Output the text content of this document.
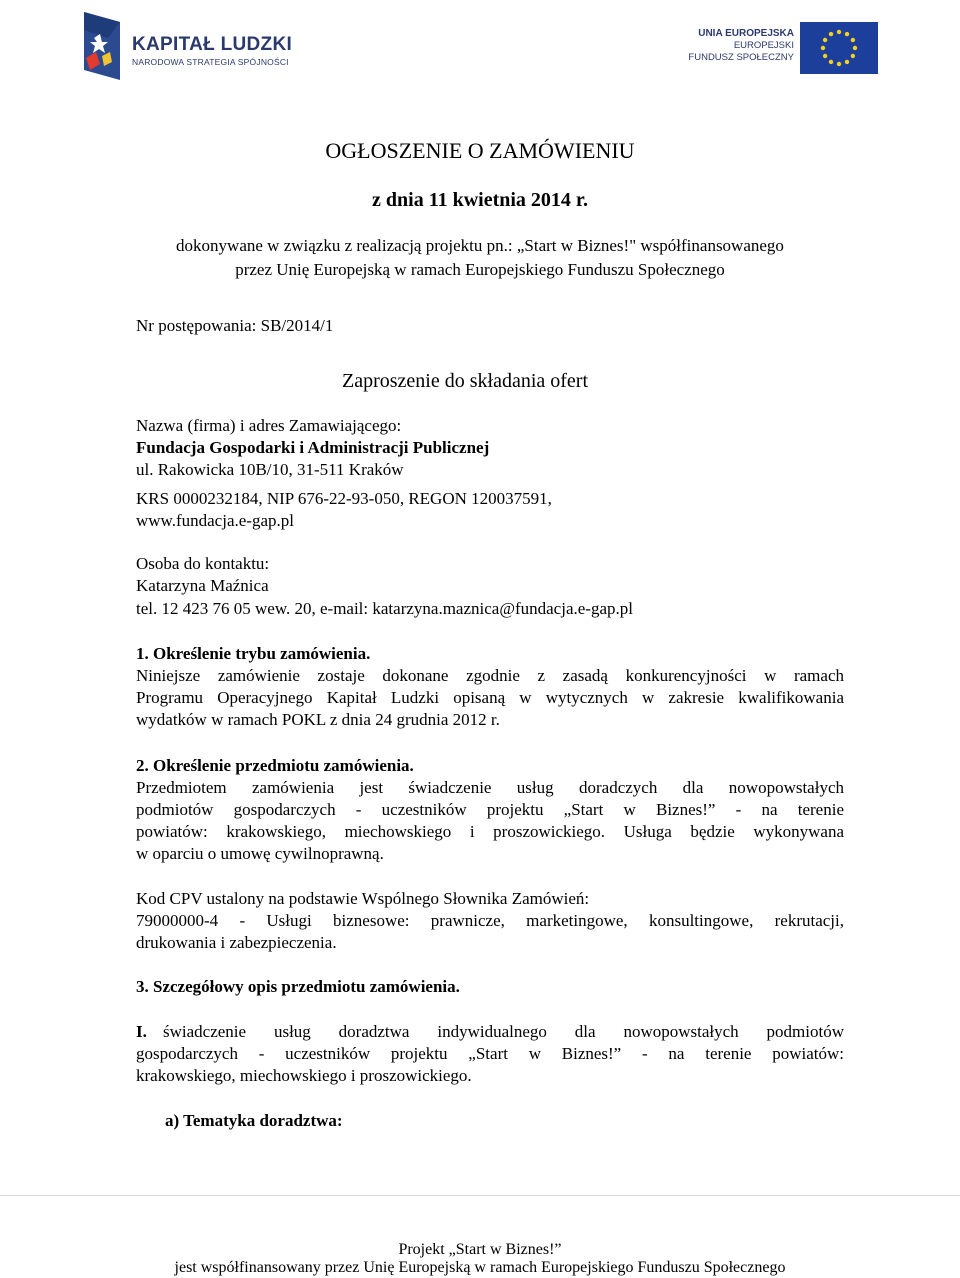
KAPITAŁ LUDZKI
NARODOWA STRATEGIA SPÓJNOŚCI
UNIA EUROPEJSKA
EUROPEJSKI
FUNDUSZ SPOŁECZNY
OGŁOSZENIE O ZAMÓWIENIU
z dnia 11 kwietnia 2014 r.
dokonywane w związku z realizacją projektu pn.: „Start w Biznes!" współfinansowanego
przez Unię Europejską w ramach Europejskiego Funduszu Społecznego
Nr postępowania: SB/2014/1
Zaproszenie do składania ofert
Nazwa (firma) i adres Zamawiającego:
Fundacja Gospodarki i Administracji Publicznej
ul. Rakowicka 10B/10, 31-511 Kraków
KRS 0000232184, NIP 676-22-93-050, REGON 120037591,
www.fundacja.e-gap.pl
Osoba do kontaktu:
Katarzyna Maźnica
tel. 12 423 76 05 wew. 20, e-mail: katarzyna.maznica@fundacja.e-gap.pl
1. Określenie trybu zamówienia.
Niniejsze zamówienie zostaje dokonane zgodnie z zasadą konkurencyjności w ramach
Programu Operacyjnego Kapitał Ludzki opisaną w wytycznych w zakresie kwalifikowania
wydatków w ramach POKL z dnia 24 grudnia 2012 r.
2. Określenie przedmiotu zamówienia.
Przedmiotem zamówienia jest świadczenie usług doradczych dla nowopowstałych
podmiotów gospodarczych - uczestników projektu „Start w Biznes!” - na terenie
powiatów: krakowskiego, miechowskiego i proszowickiego. Usługa będzie wykonywana
w oparciu o umowę cywilnoprawną.
Kod CPV ustalony na podstawie Wspólnego Słownika Zamówień:
79000000-4 - Usługi biznesowe: prawnicze, marketingowe, konsultingowe, rekrutacji,
drukowania i zabezpieczenia.
3. Szczegółowy opis przedmiotu zamówienia.
I. świadczenie usług doradztwa indywidualnego dla nowopowstałych podmiotów
gospodarczych - uczestników projektu „Start w Biznes!” - na terenie powiatów:
krakowskiego, miechowskiego i proszowickiego.
a) Tematyka doradztwa:
Projekt „Start w Biznes!”
jest współfinansowany przez Unię Europejską w ramach Europejskiego Funduszu Społecznego
